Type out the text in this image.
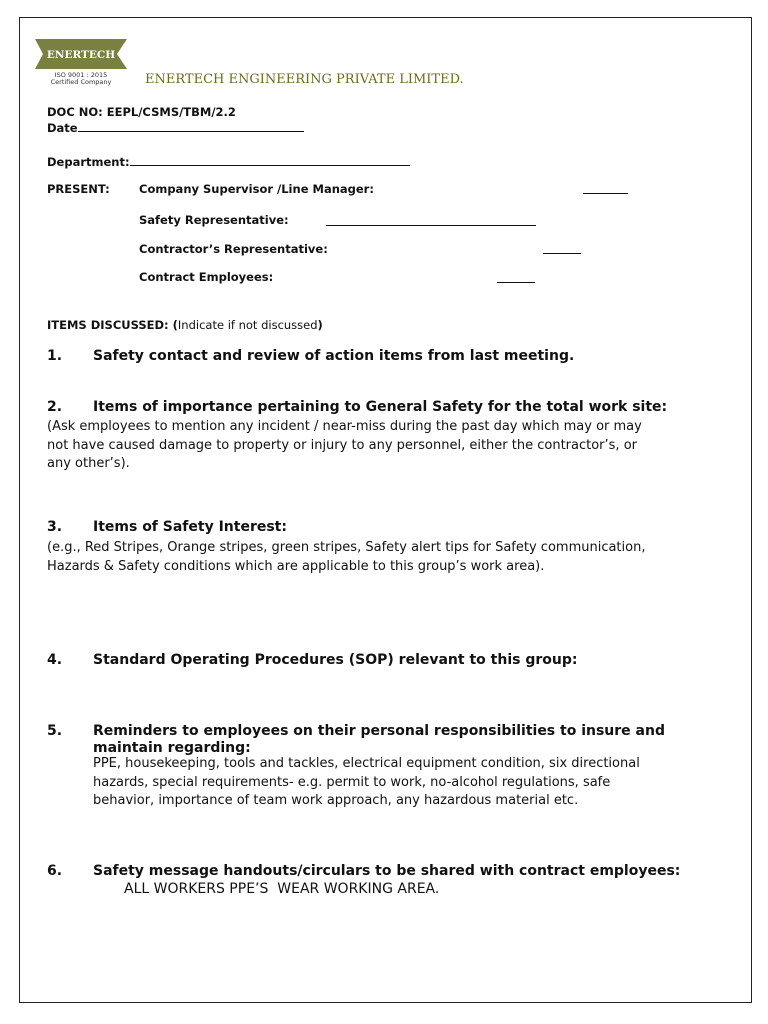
ENERTECH
ISO 9001 : 2015
Certified Company	ENERTECH ENGINEERING PRIVATE LIMITED.
DOC NO: EEPL/CSMS/TBM/2.2
Date
Department:
PRESENT:	Company Supervisor /Line Manager:
Safety Representative:
Contractor’s Representative:
Contract Employees:
ITEMS DISCUSSED: (Indicate if not discussed)
1. Safety contact and review of action items from last meeting.
2. Items of importance pertaining to General Safety for the total work site:
(Ask employees to mention any incident / near-miss during the past day which may or may
not have caused damage to property or injury to any personnel, either the contractor’s, or
any other’s).
3. Items of Safety Interest:
(e.g., Red Stripes, Orange stripes, green stripes, Safety alert tips for Safety communication,
Hazards & Safety conditions which are applicable to this group’s work area).
4. Standard Operating Procedures (SOP) relevant to this group:
5. Reminders to employees on their personal responsibilities to insure and
maintain regarding:
PPE, housekeeping, tools and tackles, electrical equipment condition, six directional
hazards, special requirements- e.g. permit to work, no-alcohol regulations, safe
behavior, importance of team work approach, any hazardous material etc.
6. Safety message handouts/circulars to be shared with contract employees:
ALL WORKERS PPE’S  WEAR WORKING AREA.
